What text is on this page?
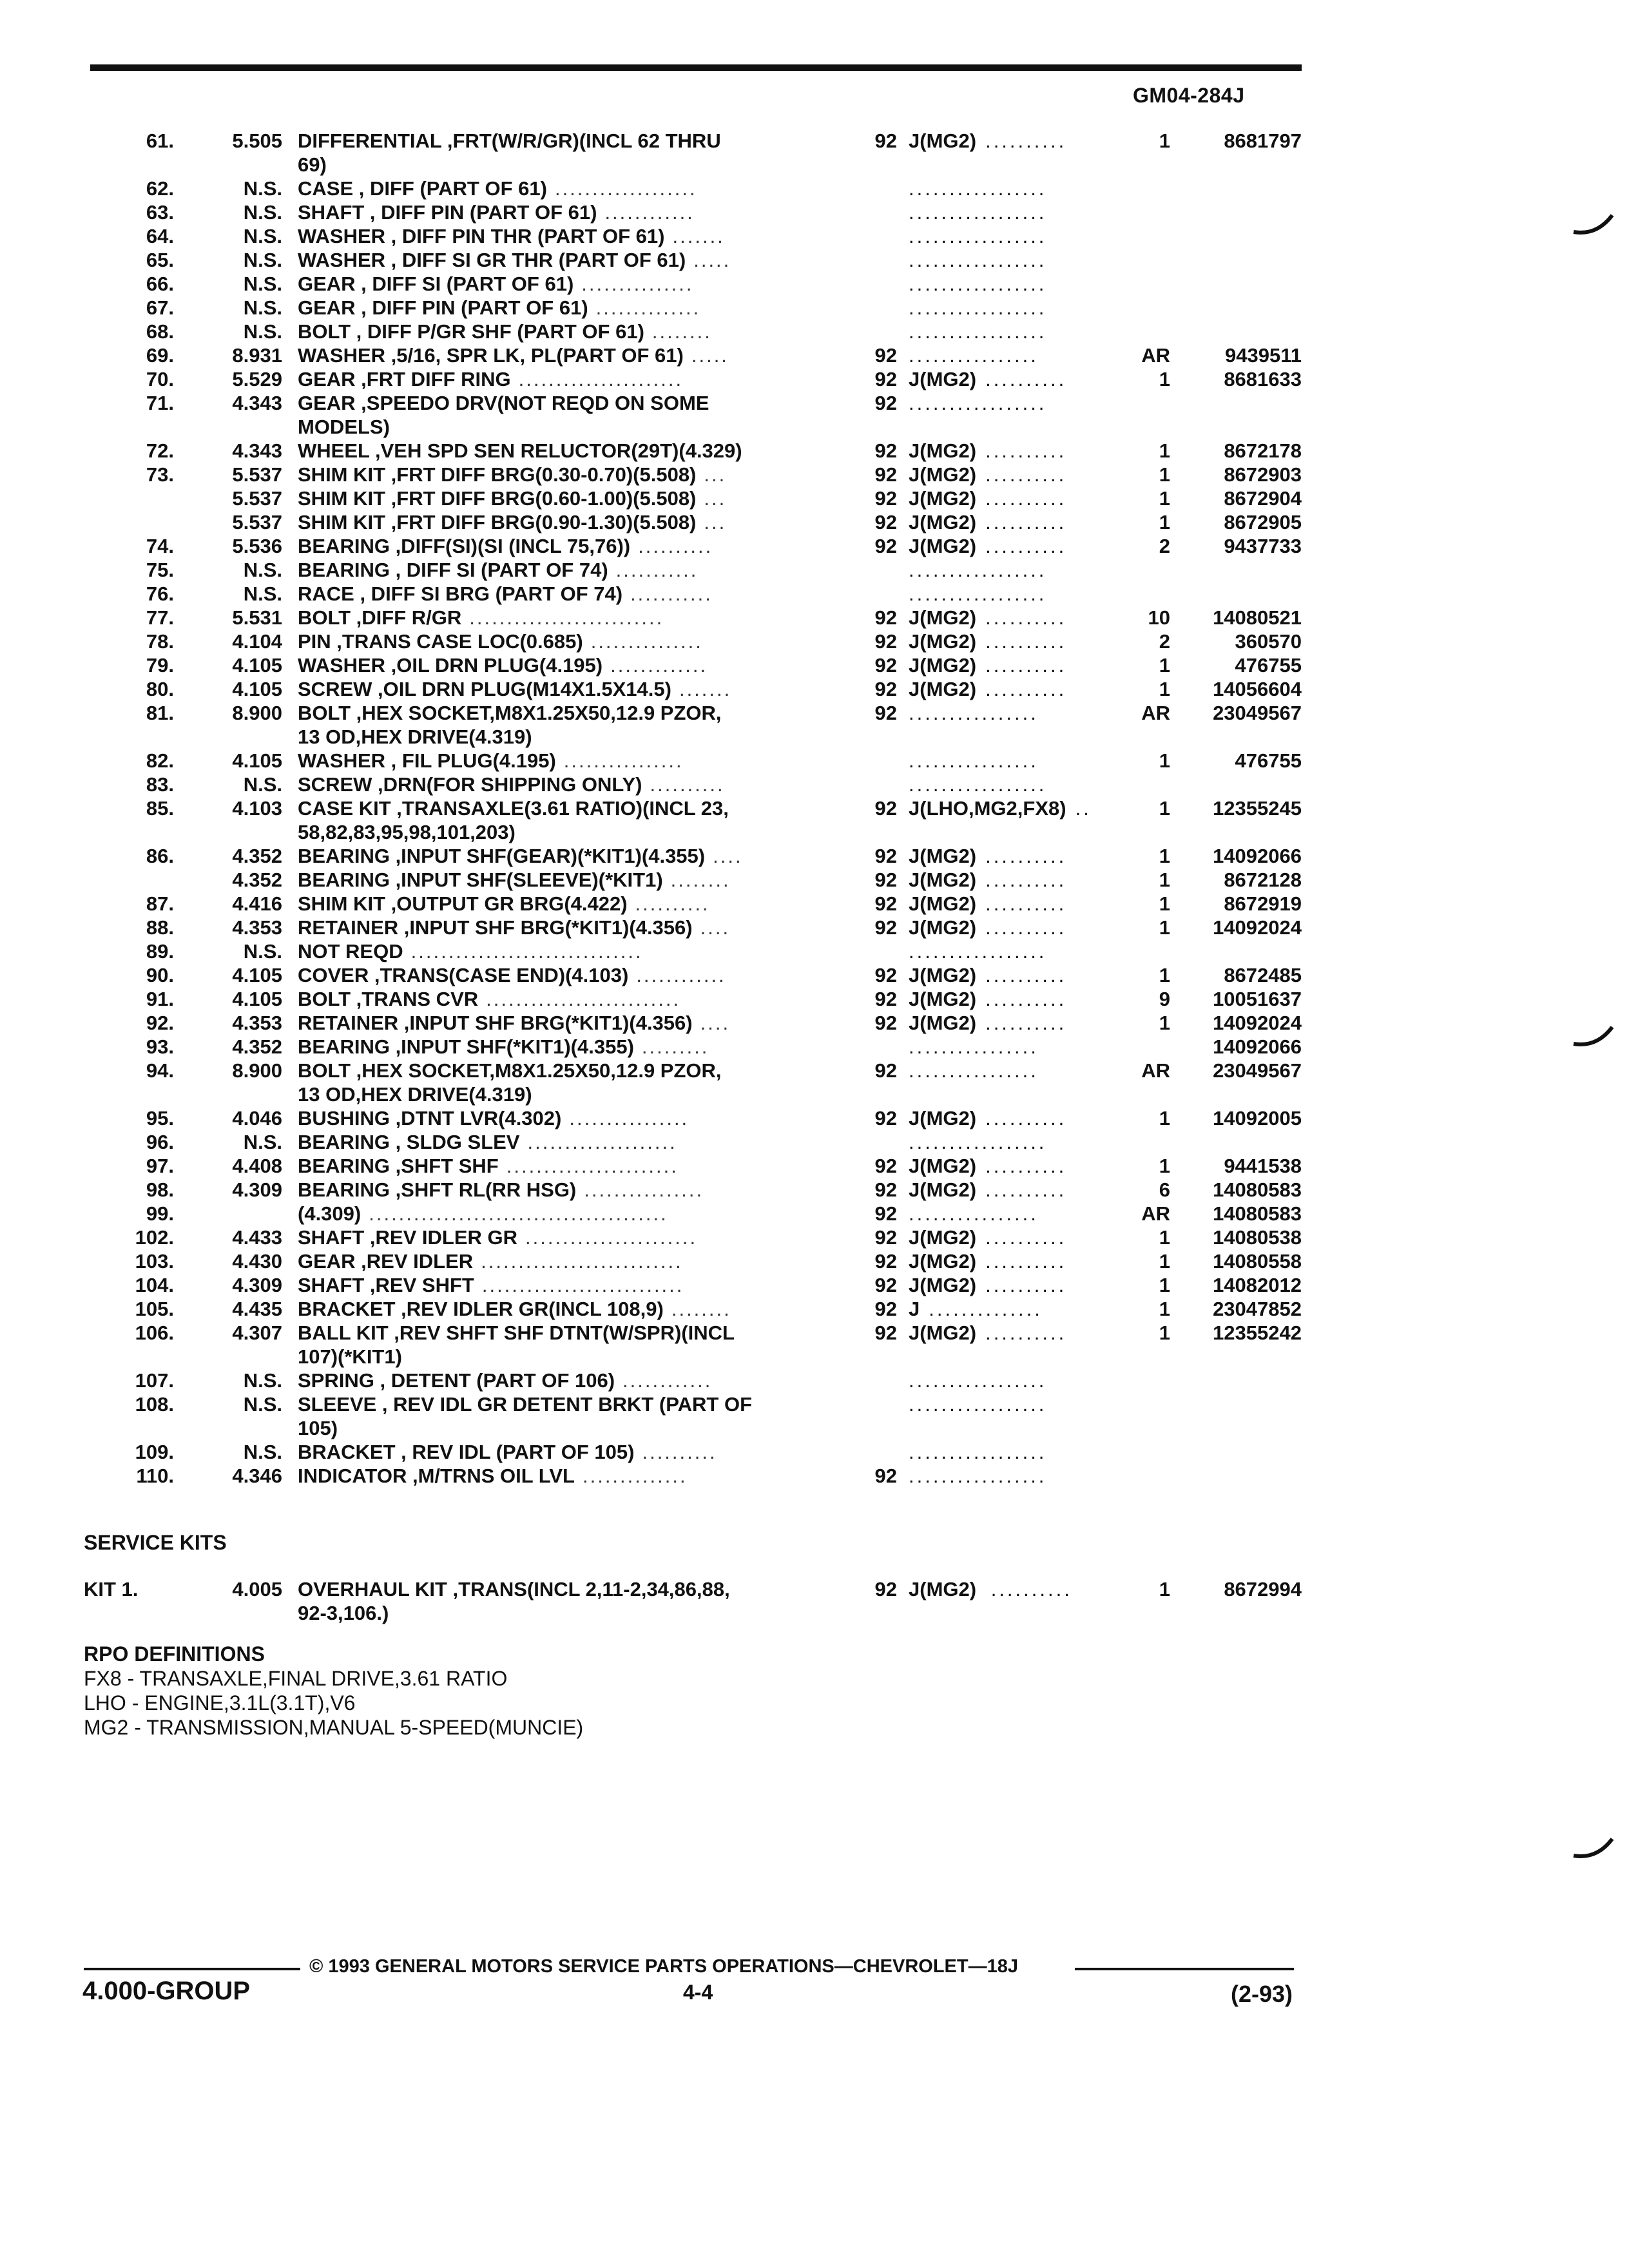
GM04-284J
61.	5.505 DIFFERENTIAL ,FRT(W/R/GR)(INCL 62 THRU
69)
92 J(MG2) ..........	1	8681797
62.	N.S. CASE , DIFF (PART OF 61) ...................	.................
63.	N.S. SHAFT , DIFF PIN (PART OF 61) ............	.................
64.	N.S. WASHER , DIFF PIN THR (PART OF 61) .......	.................
65.	N.S. WASHER , DIFF SI GR THR (PART OF 61) .....	.................
66.	N.S. GEAR , DIFF SI (PART OF 61) ...............	.................
67.	N.S. GEAR , DIFF PIN (PART OF 61) ..............	.................
68.	N.S. BOLT , DIFF P/GR SHF (PART OF 61) ........	.................
69.	8.931 WASHER ,5/16, SPR LK, PL(PART OF 61) .....	92 ................	AR	9439511
70.	5.529 GEAR ,FRT DIFF RING ......................	92 J(MG2) ..........	1	8681633
71.	4.343 GEAR ,SPEEDO DRV(NOT REQD ON SOME
MODELS)
92 .................
72.	4.343 WHEEL ,VEH SPD SEN RELUCTOR(29T)(4.329)	92 J(MG2) ..........	1	8672178
73.	5.537 SHIM KIT ,FRT DIFF BRG(0.30-0.70)(5.508) ...	92 J(MG2) ..........	1	8672903
5.537 SHIM KIT ,FRT DIFF BRG(0.60-1.00)(5.508) ...	92 J(MG2) ..........	1	8672904
5.537 SHIM KIT ,FRT DIFF BRG(0.90-1.30)(5.508) ...	92 J(MG2) ..........	1	8672905
74.	5.536 BEARING ,DIFF(SI)(SI (INCL 75,76)) ..........	92 J(MG2) ..........	2	9437733
75.	N.S. BEARING , DIFF SI (PART OF 74) ...........	.................
76.	N.S. RACE , DIFF SI BRG (PART OF 74) ...........	.................
77.	5.531 BOLT ,DIFF R/GR ..........................	92 J(MG2) ..........	10	14080521
78.	4.104 PIN ,TRANS CASE LOC(0.685) ...............	92 J(MG2) ..........	2	360570
79.	4.105 WASHER ,OIL DRN PLUG(4.195) .............	92 J(MG2) ..........	1	476755
80.	4.105 SCREW ,OIL DRN PLUG(M14X1.5X14.5) .......	92 J(MG2) ..........	1	14056604
81.	8.900 BOLT ,HEX SOCKET,M8X1.25X50,12.9 PZOR,
13 OD,HEX DRIVE(4.319)
92 ................	AR	23049567
82.	4.105 WASHER , FIL PLUG(4.195) ................	................	1	476755
83.	N.S. SCREW ,DRN(FOR SHIPPING ONLY) ..........	.................
85.	4.103 CASE KIT ,TRANSAXLE(3.61 RATIO)(INCL 23,
58,82,83,95,98,101,203)
92 J(LHO,MG2,FX8) ..	1	12355245
86.	4.352 BEARING ,INPUT SHF(GEAR)(*KIT1)(4.355) ....	92 J(MG2) ..........	1	14092066
4.352 BEARING ,INPUT SHF(SLEEVE)(*KIT1) ........	92 J(MG2) ..........	1	8672128
87.	4.416 SHIM KIT ,OUTPUT GR BRG(4.422) ..........	92 J(MG2) ..........	1	8672919
88.	4.353 RETAINER ,INPUT SHF BRG(*KIT1)(4.356) ....	92 J(MG2) ..........	1	14092024
89.	N.S. NOT REQD ...............................	.................
90.	4.105 COVER ,TRANS(CASE END)(4.103) ............	92 J(MG2) ..........	1	8672485
91.	4.105 BOLT ,TRANS CVR ..........................	92 J(MG2) ..........	9	10051637
92.	4.353 RETAINER ,INPUT SHF BRG(*KIT1)(4.356) ....	92 J(MG2) ..........	1	14092024
93.	4.352 BEARING ,INPUT SHF(*KIT1)(4.355) .........	................	14092066
94.	8.900 BOLT ,HEX SOCKET,M8X1.25X50,12.9 PZOR,
13 OD,HEX DRIVE(4.319)
92 ................	AR	23049567
95.	4.046 BUSHING ,DTNT LVR(4.302) ................	92 J(MG2) ..........	1	14092005
96.	N.S. BEARING , SLDG SLEV ....................	.................
97.	4.408 BEARING ,SHFT SHF .......................	92 J(MG2) ..........	1	9441538
98.	4.309 BEARING ,SHFT RL(RR HSG) ................	92 J(MG2) ..........	6	14080583
99.	(4.309) ........................................	92 ................	AR	14080583
102.	4.433 SHAFT ,REV IDLER GR .......................	92 J(MG2) ..........	1	14080538
103.	4.430 GEAR ,REV IDLER ...........................	92 J(MG2) ..........	1	14080558
104.	4.309 SHAFT ,REV SHFT ...........................	92 J(MG2) ..........	1	14082012
105.	4.435 BRACKET ,REV IDLER GR(INCL 108,9) ........	92 J ..............	1	23047852
106.	4.307 BALL KIT ,REV SHFT SHF DTNT(W/SPR)(INCL
107)(*KIT1)
92 J(MG2) ..........	1	12355242
107.	N.S. SPRING , DETENT (PART OF 106) ............	.................
108.	N.S. SLEEVE , REV IDL GR DETENT BRKT (PART OF
105)
.................
109.	N.S. BRACKET , REV IDL (PART OF 105) ..........	.................
110.	4.346 INDICATOR ,M/TRNS OIL LVL ..............	92 .................
SERVICE KITS
KIT 1.	4.005 OVERHAUL KIT ,TRANS(INCL 2,11-2,34,86,88,
92-3,106.)
92 J(MG2) ..........	1	8672994
RPO DEFINITIONS
FX8 - TRANSAXLE,FINAL DRIVE,3.61 RATIO
LHO - ENGINE,3.1L(3.1T),V6
MG2 - TRANSMISSION,MANUAL 5-SPEED(MUNCIE)
© 1993 GENERAL MOTORS SERVICE PARTS OPERATIONS—CHEVROLET—18J
4.000-GROUP	4-4	(2-93)
